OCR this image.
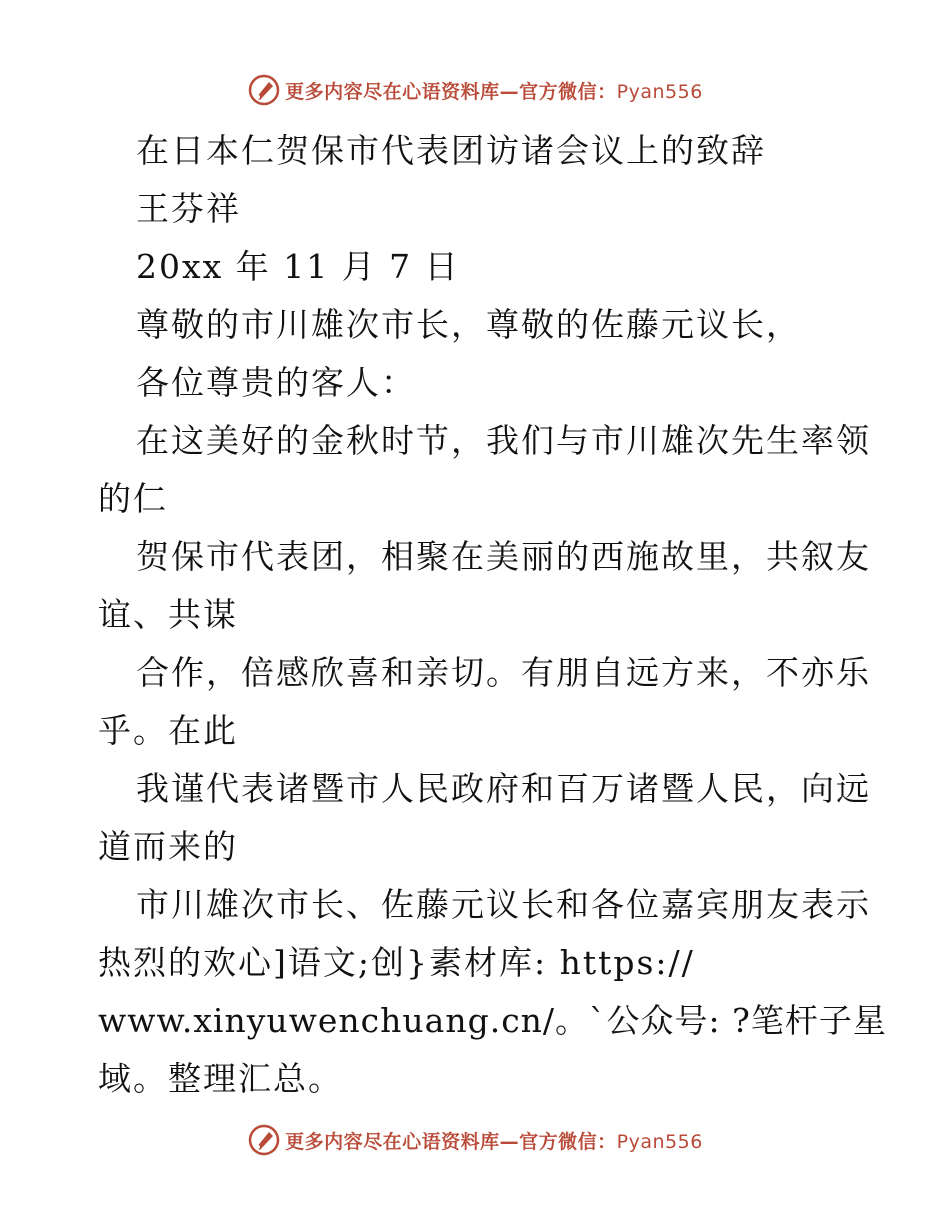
更多内容尽在心语资料库—官方微信：Pyan556
在日本仁贺保市代表团访诸会议上的致辞
王芬祥
20xx 年 11 月 7 日
尊敬的市川雄次市长，尊敬的佐藤元议长，
各位尊贵的客人：
在这美好的金秋时节，我们与市川雄次先生率领
的仁
贺保市代表团，相聚在美丽的西施故里，共叙友
谊、共谋
合作，倍感欣喜和亲切。有朋自远方来，不亦乐
乎。在此
我谨代表诸暨市人民政府和百万诸暨人民，向远
道而来的
市川雄次市长、佐藤元议长和各位嘉宾朋友表示
热烈的欢心]语文;创}素材库: https://
www.xinyuwenchuang.cn/。`公众号: ?笔杆子星
域。整理汇总。
更多内容尽在心语资料库—官方微信：Pyan556
